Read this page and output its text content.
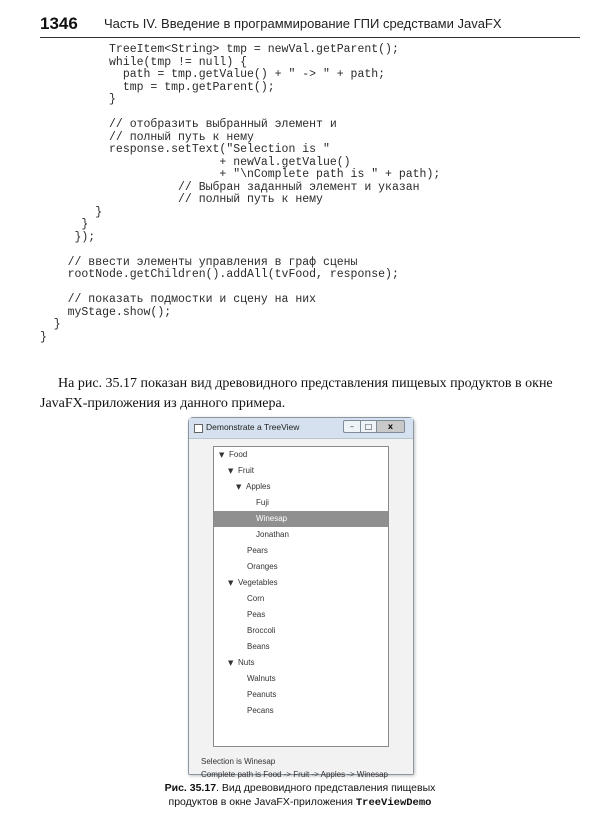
1346 Часть IV. Введение в программирование ГПИ средствами JavaFX
TreeItem<String> tmp = newVal.getParent();
while(tmp != null) {
path = tmp.getValue() + " -> " + path;
tmp = tmp.getParent();
}

// отобразить выбранный элемент и
// полный путь к нему
response.setText("Selection is "
+ newVal.getValue()
+ "\nComplete path is " + path);
// Выбран заданный элемент и указан
// полный путь к нему
}
}
});

// ввести элементы управления в граф сцены
rootNode.getChildren().addAll(tvFood, response);

// показать подмостки и сцену на них
myStage.show();
}
}
На рис. 35.17 показан вид древовидного представления пищевых продуктов в окне JavaFX-приложения из данного примера.
Demonstrate a TreeView	–	□	x
▼ Food
▼ Fruit
▼ Apples
Fuji
Winesap
Jonathan
Pears
Oranges
▼ Vegetables
Corn
Peas
Broccoli
Beans
▼ Nuts
Walnuts
Peanuts
Pecans
Selection is Winesap
Complete path is Food -> Fruit -> Apples -> Winesap
Рис. 35.17. Вид древовидного представления пищевых продуктов в окне JavaFX-приложения TreeViewDemo
